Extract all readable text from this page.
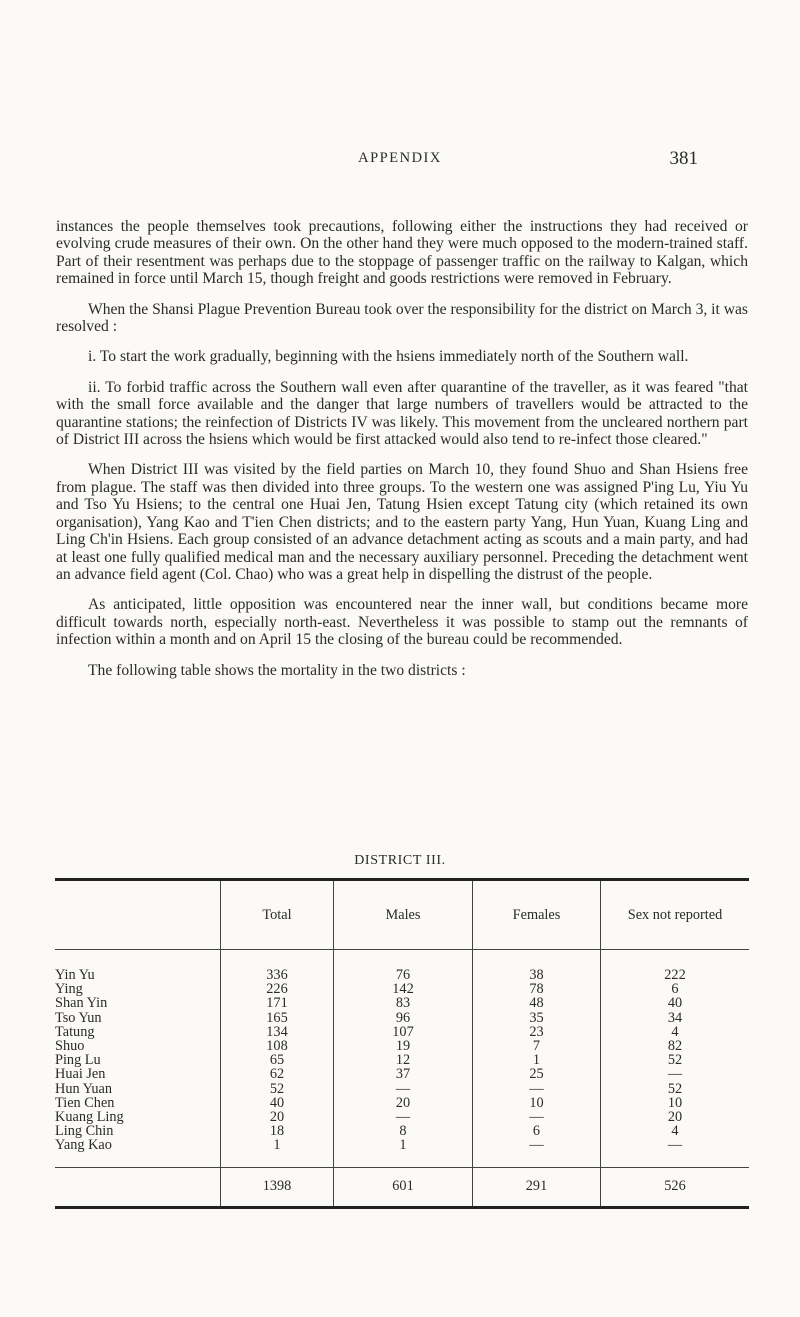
APPENDIX	381

instances the people themselves took precautions, following either the instructions they had received or evolving crude measures of their own. On the other hand they were much opposed to the modern-trained staff. Part of their resentment was perhaps due to the stoppage of passenger traffic on the railway to Kalgan, which remained in force until March 15, though freight and goods restrictions were removed in February.

When the Shansi Plague Prevention Bureau took over the responsibility for the district on March 3, it was resolved :

i. To start the work gradually, beginning with the hsiens immediately north of the Southern wall.

ii. To forbid traffic across the Southern wall even after quarantine of the traveller, as it was feared "that with the small force available and the danger that large numbers of travellers would be attracted to the quarantine stations; the reinfection of Districts IV was likely. This movement from the uncleared northern part of District III across the hsiens which would be first attacked would also tend to re-infect those cleared."

When District III was visited by the field parties on March 10, they found Shuo and Shan Hsiens free from plague. The staff was then divided into three groups. To the western one was assigned P'ing Lu, Yiu Yu and Tso Yu Hsiens; to the central one Huai Jen, Tatung Hsien except Tatung city (which retained its own organisation), Yang Kao and T'ien Chen districts; and to the eastern party Yang, Hun Yuan, Kuang Ling and Ling Ch'in Hsiens. Each group consisted of an advance detachment acting as scouts and a main party, and had at least one fully qualified medical man and the necessary auxiliary personnel. Preceding the detachment went an advance field agent (Col. Chao) who was a great help in dispelling the distrust of the people.

As anticipated, little opposition was encountered near the inner wall, but conditions became more difficult towards north, especially north-east. Nevertheless it was possible to stamp out the remnants of infection within a month and on April 15 the closing of the bureau could be recommended.

The following table shows the mortality in the two districts :

DISTRICT III.
	Total	Males	Females	Sex not reported
Yin Yu	336	76	38	222
Ying	226	142	78	6
Shan Yin	171	83	48	40
Tso Yun	165	96	35	34
Tatung	134	107	23	4
Shuo	108	19	7	82
Ping Lu	65	12	1	52
Huai Jen	62	37	25	—
Hun Yuan	52	—	—	52
Tien Chen	40	20	10	10
Kuang Ling	20	—	—	20
Ling Chin	18	8	6	4
Yang Kao	1	1	—	—
	1398	601	291	526
